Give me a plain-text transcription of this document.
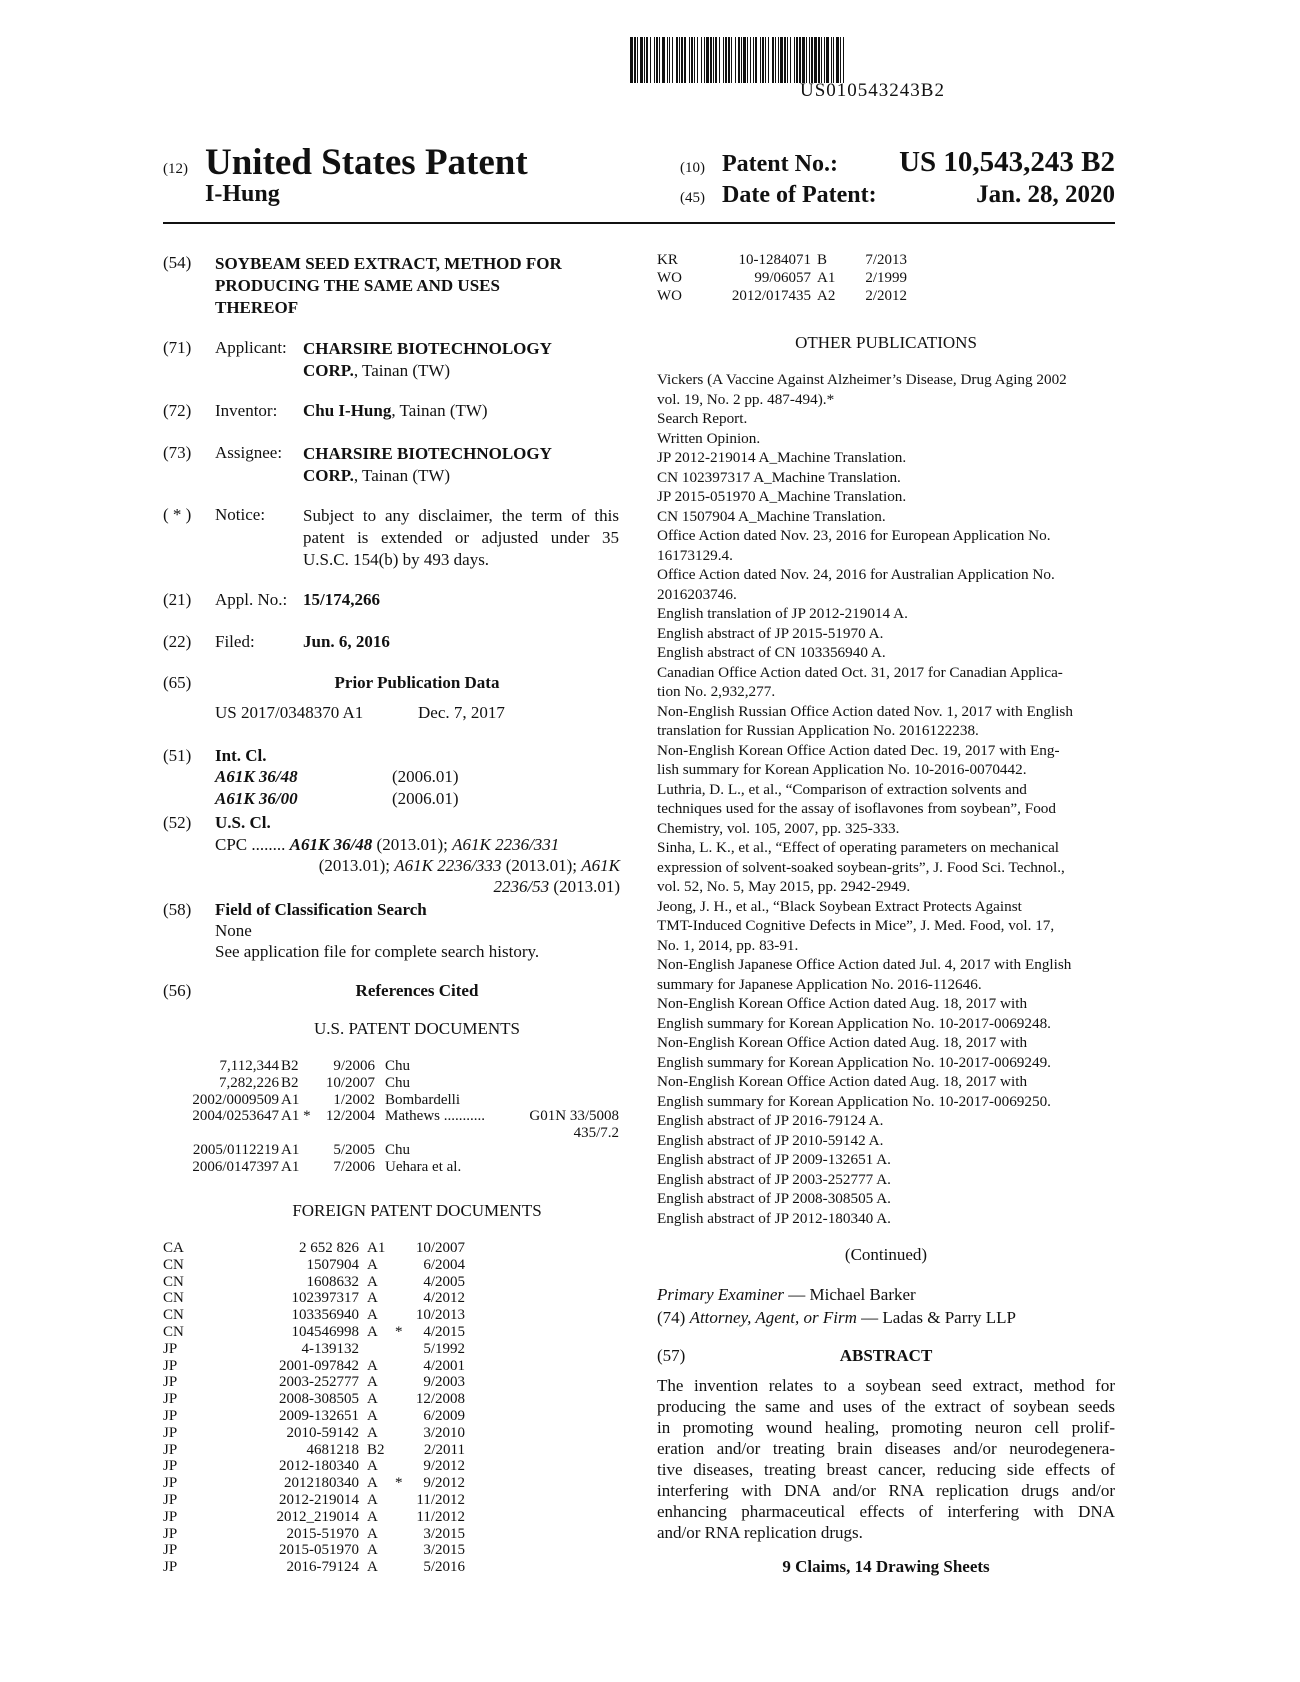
US010543243B2
(12) United States Patent
I-Hung
(10) Patent No.: US 10,543,243 B2
(45) Date of Patent:	Jan. 28, 2020
(54) SOYBEAM SEED EXTRACT, METHOD FOR
PRODUCING THE SAME AND USES
THEREOF
(71) Applicant: CHARSIRE BIOTECHNOLOGY
CORP., Tainan (TW)
(72) Inventor: Chu I-Hung, Tainan (TW)
(73) Assignee: CHARSIRE BIOTECHNOLOGY
CORP., Tainan (TW)
( * ) Notice: Subject to any disclaimer, the term of this
patent is extended or adjusted under 35
U.S.C. 154(b) by 493 days.
(21) Appl. No.: 15/174,266
(22) Filed:	Jun. 6, 2016
(65)	Prior Publication Data
US 2017/0348370 A1	Dec. 7, 2017
(51) Int. Cl.
A61K 36/48	(2006.01)
A61K 36/00	(2006.01)
(52) U.S. Cl.
CPC ........ A61K 36/48 (2013.01); A61K 2236/331
(2013.01); A61K 2236/333 (2013.01); A61K
2236/53 (2013.01)
(58) Field of Classification Search
None
See application file for complete search history.
(56)	References Cited
U.S. PATENT DOCUMENTS
7,112,344 B2 9/2006 Chu
7,282,226 B2 10/2007 Chu
2002/0009509 A1 1/2002 Bombardelli
2004/0253647 A1 * 12/2004 Mathews ...........	G01N 33/5008
435/7.2
2005/0112219 A1 5/2005 Chu
2006/0147397 A1 7/2006 Uehara et al.
FOREIGN PATENT DOCUMENTS
CA	2 652 826 A1 10/2007
CN	1507904 A	6/2004
CN	1608632 A	4/2005
CN	102397317 A	4/2012
CN	103356940 A	10/2013
CN	104546998 A * 4/2015
JP	4-139132	5/1992
JP	2001-097842 A	4/2001
JP	2003-252777 A	9/2003
JP	2008-308505 A	12/2008
JP	2009-132651 A	6/2009
JP	2010-59142 A	3/2010
JP	4681218 B2	2/2011
JP	2012-180340 A	9/2012
JP	2012180340 A * 9/2012
JP	2012-219014 A	11/2012
JP	2012_219014 A	11/2012
JP	2015-51970 A	3/2015
JP	2015-051970 A	3/2015
JP	2016-79124 A	5/2016
KR	10-1284071 B	7/2013
WO	99/06057 A1 2/1999
WO	2012/017435 A2 2/2012
OTHER PUBLICATIONS
Vickers (A Vaccine Against Alzheimer’s Disease, Drug Aging 2002
vol. 19, No. 2 pp. 487-494).*
Search Report.
Written Opinion.
JP 2012-219014 A_Machine Translation.
CN 102397317 A_Machine Translation.
JP 2015-051970 A_Machine Translation.
CN 1507904 A_Machine Translation.
Office Action dated Nov. 23, 2016 for European Application No.
16173129.4.
Office Action dated Nov. 24, 2016 for Australian Application No.
2016203746.
English translation of JP 2012-219014 A.
English abstract of JP 2015-51970 A.
English abstract of CN 103356940 A.
Canadian Office Action dated Oct. 31, 2017 for Canadian Applica-
tion No. 2,932,277.
Non-English Russian Office Action dated Nov. 1, 2017 with English
translation for Russian Application No. 2016122238.
Non-English Korean Office Action dated Dec. 19, 2017 with Eng-
lish summary for Korean Application No. 10-2016-0070442.
Luthria, D. L., et al., “Comparison of extraction solvents and
techniques used for the assay of isoflavones from soybean”, Food
Chemistry, vol. 105, 2007, pp. 325-333.
Sinha, L. K., et al., “Effect of operating parameters on mechanical
expression of solvent-soaked soybean-grits”, J. Food Sci. Technol.,
vol. 52, No. 5, May 2015, pp. 2942-2949.
Jeong, J. H., et al., “Black Soybean Extract Protects Against
TMT-Induced Cognitive Defects in Mice”, J. Med. Food, vol. 17,
No. 1, 2014, pp. 83-91.
Non-English Japanese Office Action dated Jul. 4, 2017 with English
summary for Japanese Application No. 2016-112646.
Non-English Korean Office Action dated Aug. 18, 2017 with
English summary for Korean Application No. 10-2017-0069248.
Non-English Korean Office Action dated Aug. 18, 2017 with
English summary for Korean Application No. 10-2017-0069249.
Non-English Korean Office Action dated Aug. 18, 2017 with
English summary for Korean Application No. 10-2017-0069250.
English abstract of JP 2016-79124 A.
English abstract of JP 2010-59142 A.
English abstract of JP 2009-132651 A.
English abstract of JP 2003-252777 A.
English abstract of JP 2008-308505 A.
English abstract of JP 2012-180340 A.
(Continued)
Primary Examiner — Michael Barker
(74) Attorney, Agent, or Firm — Ladas & Parry LLP
(57)	ABSTRACT
The invention relates to a soybean seed extract, method for
producing the same and uses of the extract of soybean seeds
in promoting wound healing, promoting neuron cell prolif-
eration and/or treating brain diseases and/or neurodegenera-
tive diseases, treating breast cancer, reducing side effects of
interfering with DNA and/or RNA replication drugs and/or
enhancing pharmaceutical effects of interfering with DNA
and/or RNA replication drugs.
9 Claims, 14 Drawing Sheets
